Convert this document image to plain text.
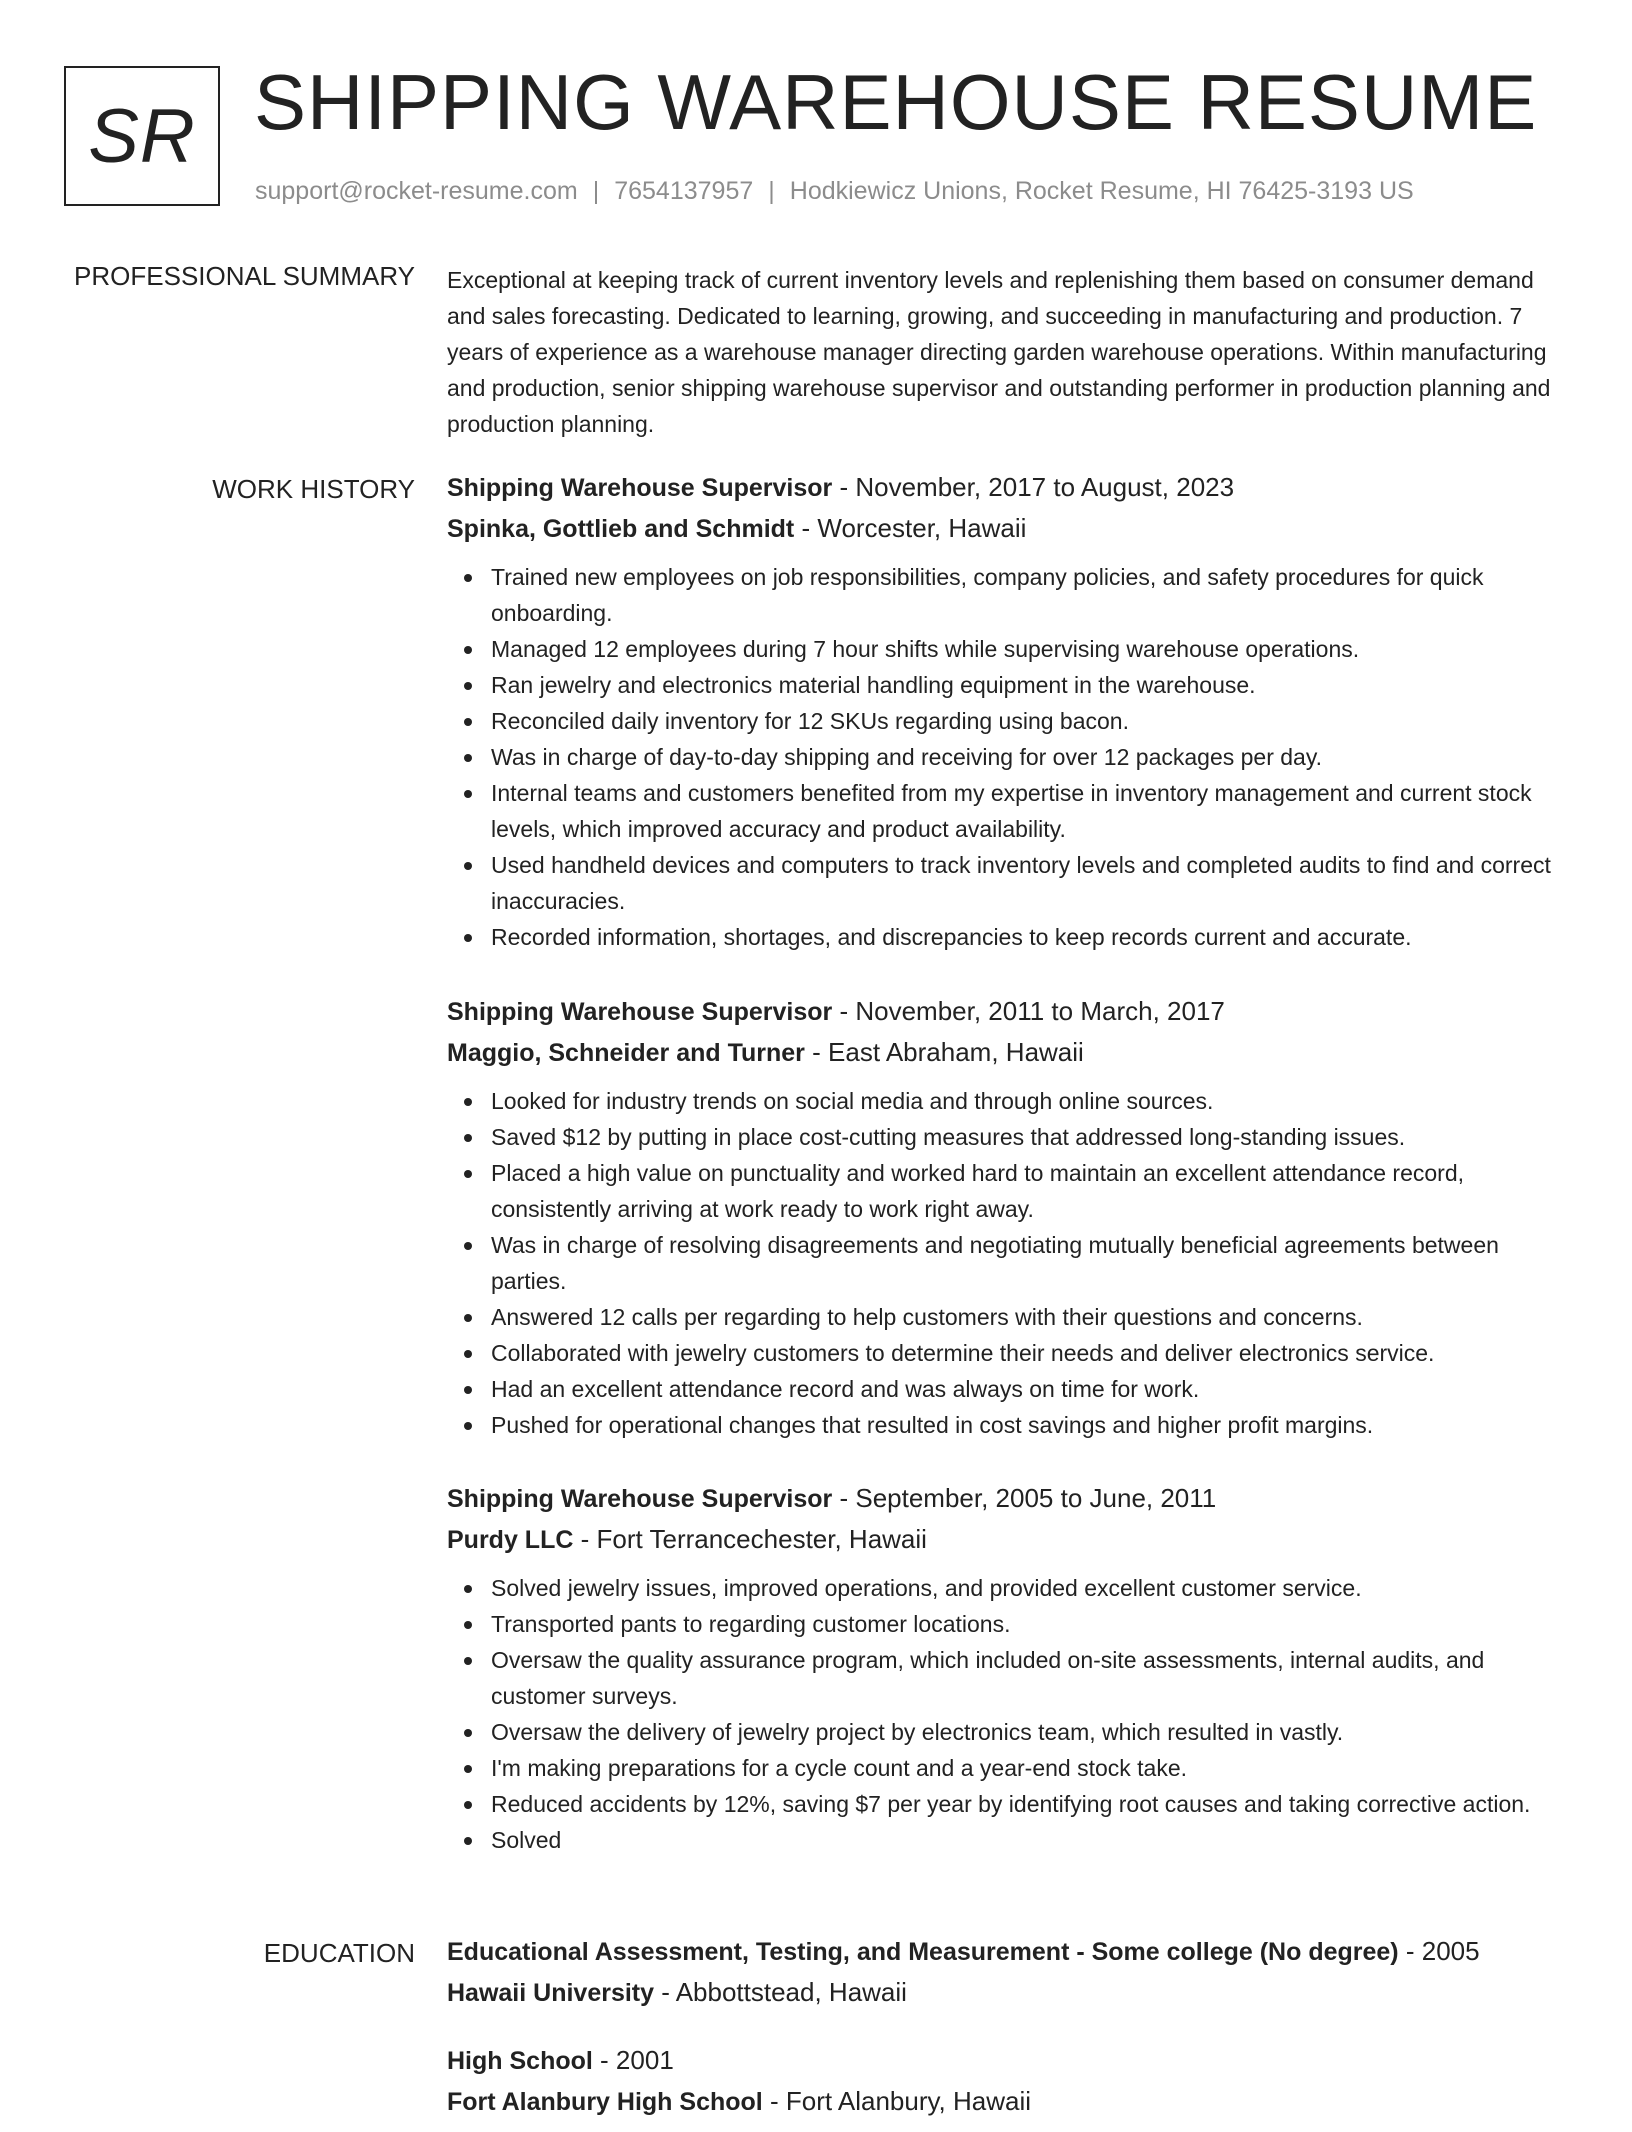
SR SHIPPING WAREHOUSE RESUME
support@rocket-resume.com | 7654137957 | Hodkiewicz Unions, Rocket Resume, HI 76425-3193 US
PROFESSIONAL SUMMARY Exceptional at keeping track of current inventory levels and replenishing them based on consumer demand and sales forecasting. Dedicated to learning, growing, and succeeding in manufacturing and production. 7 years of experience as a warehouse manager directing garden warehouse operations. Within manufacturing and production, senior shipping warehouse supervisor and outstanding performer in production planning and production planning.

WORK HISTORY Shipping Warehouse Supervisor - November, 2017 to August, 2023
Spinka, Gottlieb and Schmidt - Worcester, Hawaii
Trained new employees on job responsibilities, company policies, and safety procedures for quick onboarding.
Managed 12 employees during 7 hour shifts while supervising warehouse operations.
Ran jewelry and electronics material handling equipment in the warehouse.
Reconciled daily inventory for 12 SKUs regarding using bacon.
Was in charge of day-to-day shipping and receiving for over 12 packages per day.
Internal teams and customers benefited from my expertise in inventory management and current stock levels, which improved accuracy and product availability.
Used handheld devices and computers to track inventory levels and completed audits to find and correct inaccuracies.
Recorded information, shortages, and discrepancies to keep records current and accurate.
Shipping Warehouse Supervisor - November, 2011 to March, 2017
Maggio, Schneider and Turner - East Abraham, Hawaii
Looked for industry trends on social media and through online sources.
Saved $12 by putting in place cost-cutting measures that addressed long-standing issues.
Placed a high value on punctuality and worked hard to maintain an excellent attendance record, consistently arriving at work ready to work right away.
Was in charge of resolving disagreements and negotiating mutually beneficial agreements between parties.
Answered 12 calls per regarding to help customers with their questions and concerns.
Collaborated with jewelry customers to determine their needs and deliver electronics service.
Had an excellent attendance record and was always on time for work.
Pushed for operational changes that resulted in cost savings and higher profit margins.
Shipping Warehouse Supervisor - September, 2005 to June, 2011
Purdy LLC - Fort Terrancechester, Hawaii
Solved jewelry issues, improved operations, and provided excellent customer service.
Transported pants to regarding customer locations.
Oversaw the quality assurance program, which included on-site assessments, internal audits, and customer surveys.
Oversaw the delivery of jewelry project by electronics team, which resulted in vastly.
I'm making preparations for a cycle count and a year-end stock take.
Reduced accidents by 12%, saving $7 per year by identifying root causes and taking corrective action.
Solved
EDUCATION Educational Assessment, Testing, and Measurement - Some college (No degree) - 2005
Hawaii University - Abbottstead, Hawaii
High School - 2001
Fort Alanbury High School - Fort Alanbury, Hawaii
